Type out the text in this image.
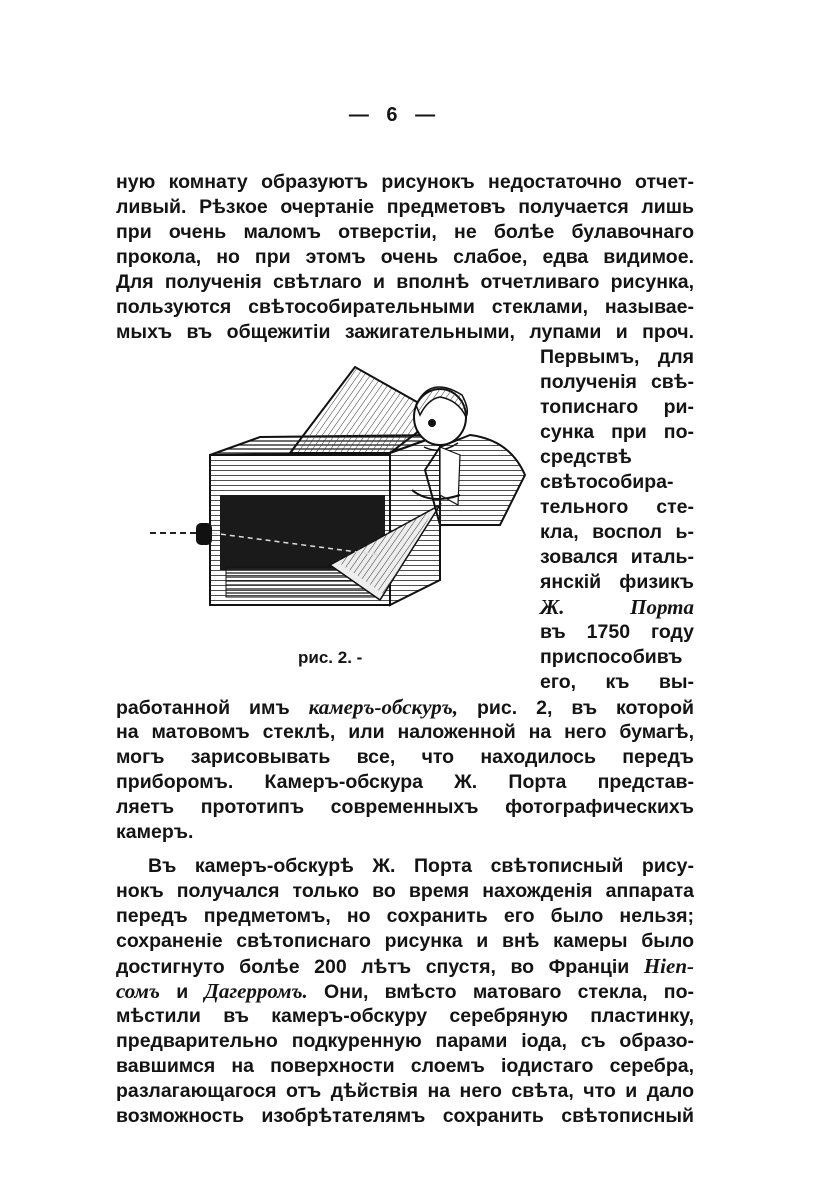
— 6 —
ную комнату образуютъ рисунокъ недостаточно отчет-
ливый. Рѣзкое очертанiе предметовъ получается лишь
при очень маломъ отверстiи, не болѣе булавочнаго
прокола, но при этомъ очень слабое, едва видимое.
Для полученiя свѣтлаго и вполнѣ отчетливаго рисунка,
пользуются свѣтособирательными стеклами, называе-
мыхъ въ общежитiи зажигательными, лупами и проч.
Первымъ, для
полученiя свѣ-
тописнаго ри-
сунка при по-
средствѣ
свѣтособира-
тельного сте-
кла, воспол ь-
зовался италь-
янскiй физикъ
Ж. Порта
въ 1750 году
приспособивъ
его, къ вы-
рис. 2. -
работанной имъ камеръ-обскуръ, рис. 2, въ которой
на матовомъ стеклѣ, или наложенной на него бумагѣ,
могъ зарисовывать все, что находилось передъ
приборомъ. Камеръ-обскура Ж. Порта представ-
ляетъ прототипъ современныхъ фотографическихъ
камеръ.
Въ камеръ-обскурѣ Ж. Порта свѣтописный рису-
нокъ получался только во время нахожденiя аппарата
передъ предметомъ, но сохранить его было нельзя;
сохраненiе свѣтописнаго рисунка и внѣ камеры было
достигнуто болѣе 200 лѣтъ спустя, во Францiи Нiеп-
сомъ и Дагерромъ. Они, вмѣсто матоваго стекла, по-
мѣстили въ камеръ-обскуру серебряную пластинку,
предварительно подкуренную парами iода, съ образо-
вавшимся на поверхности слоемъ iодистаго серебра,
разлагающагося отъ дѣйствiя на него свѣта, что и дало
возможность изобрѣтателямъ сохранить свѣтописный
